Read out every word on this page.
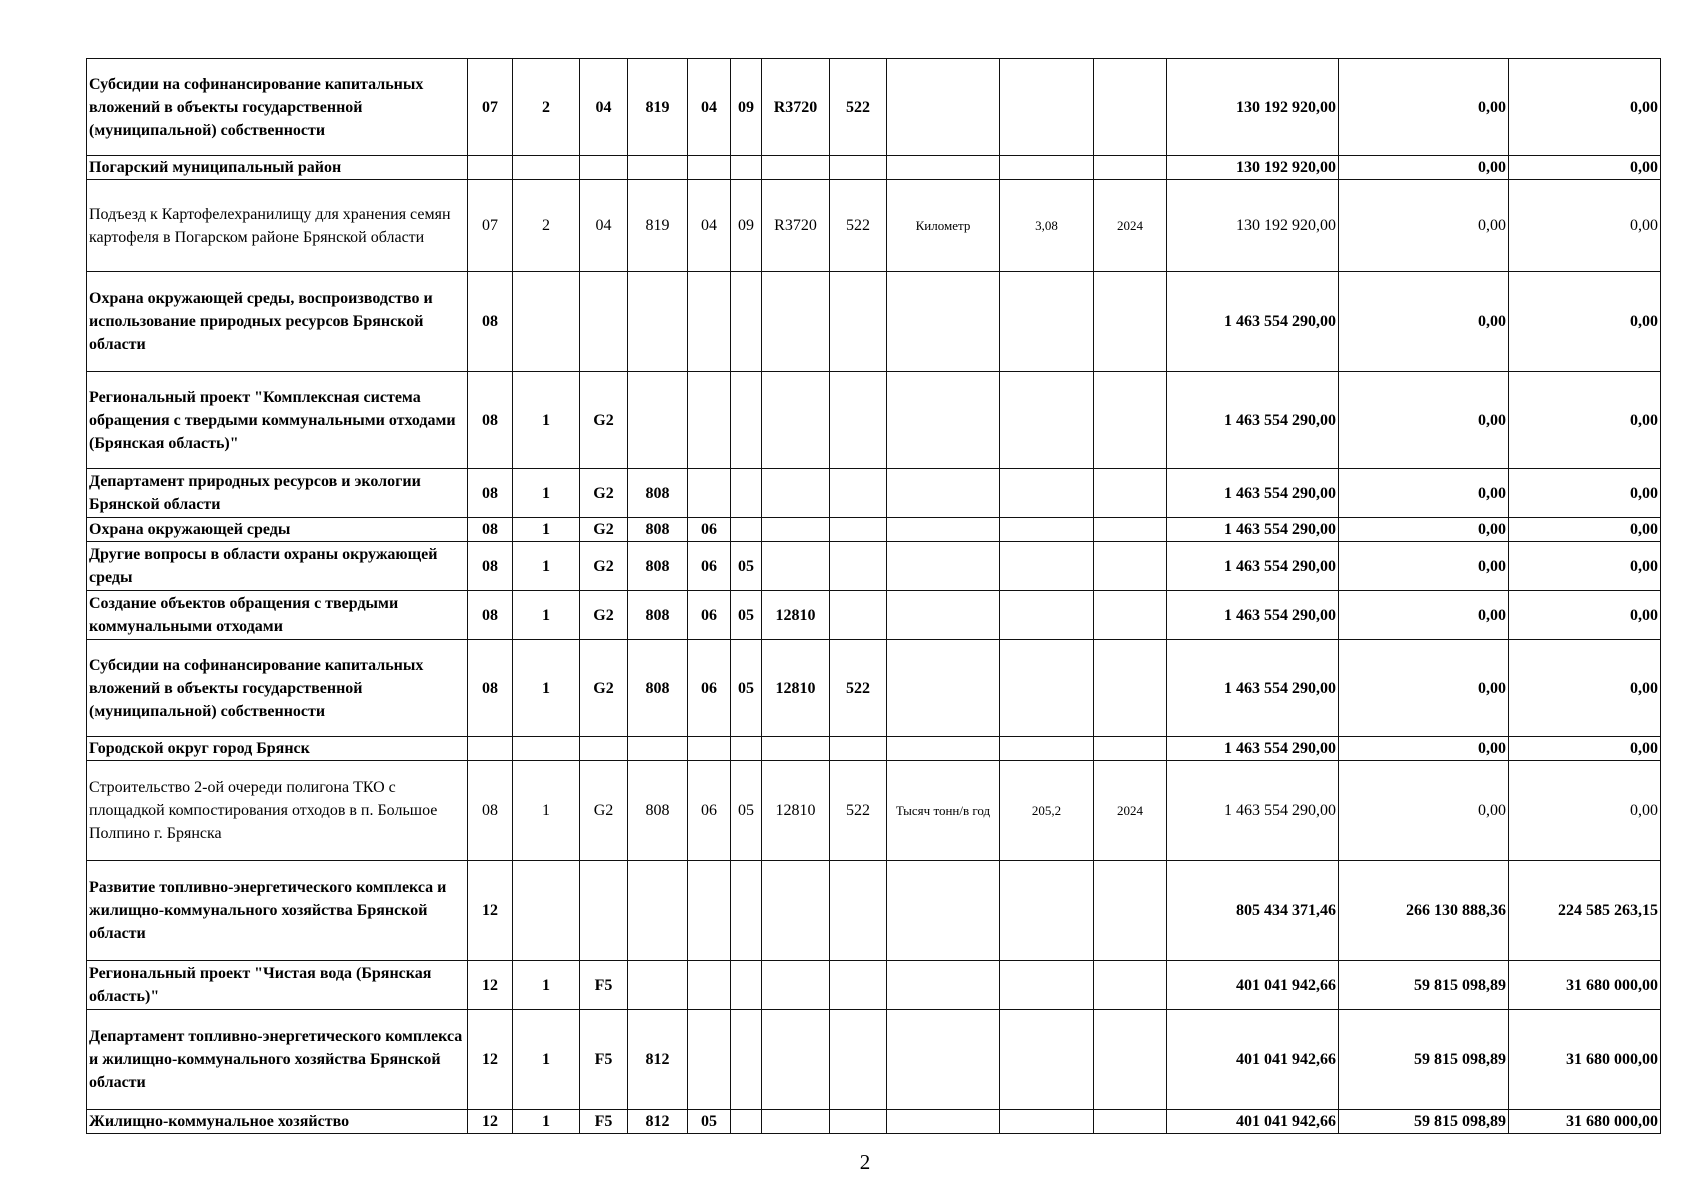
Субсидии на софинансирование капитальных вложений в объекты государственной (муниципальной) собственности	07	2	04	819	04	09	R3720	522				130 192 920,00	0,00	0,00
Погарский муниципальный район												130 192 920,00	0,00	0,00
Подъезд к Картофелехранилищу для хранения семян картофеля в Погарском районе Брянской области	07	2	04	819	04	09	R3720	522	Километр	3,08	2024	130 192 920,00	0,00	0,00
Охрана окружающей среды, воспроизводство и использование природных ресурсов Брянской области	08											1 463 554 290,00	0,00	0,00
Региональный проект "Комплексная система обращения с твердыми коммунальными отходами (Брянская область)"	08	1	G2									1 463 554 290,00	0,00	0,00
Департамент природных ресурсов и экологии Брянской области	08	1	G2	808								1 463 554 290,00	0,00	0,00
Охрана окружающей среды	08	1	G2	808	06							1 463 554 290,00	0,00	0,00
Другие вопросы в области охраны окружающей среды	08	1	G2	808	06	05						1 463 554 290,00	0,00	0,00
Создание объектов обращения с твердыми коммунальными отходами	08	1	G2	808	06	05	12810					1 463 554 290,00	0,00	0,00
Субсидии на софинансирование капитальных вложений в объекты государственной (муниципальной) собственности	08	1	G2	808	06	05	12810	522				1 463 554 290,00	0,00	0,00
Городской округ город Брянск												1 463 554 290,00	0,00	0,00
Строительство 2-ой очереди полигона ТКО с площадкой компостирования отходов в п. Большое Полпино г. Брянска	08	1	G2	808	06	05	12810	522	Тысяч тонн/в год	205,2	2024	1 463 554 290,00	0,00	0,00
Развитие топливно-энергетического комплекса и жилищно-коммунального хозяйства Брянской области	12											805 434 371,46	266 130 888,36	224 585 263,15
Региональный проект "Чистая вода (Брянская область)"	12	1	F5									401 041 942,66	59 815 098,89	31 680 000,00
Департамент топливно-энергетического комплекса и жилищно-коммунального хозяйства Брянской области	12	1	F5	812								401 041 942,66	59 815 098,89	31 680 000,00
Жилищно-коммунальное хозяйство	12	1	F5	812	05							401 041 942,66	59 815 098,89	31 680 000,00
2
